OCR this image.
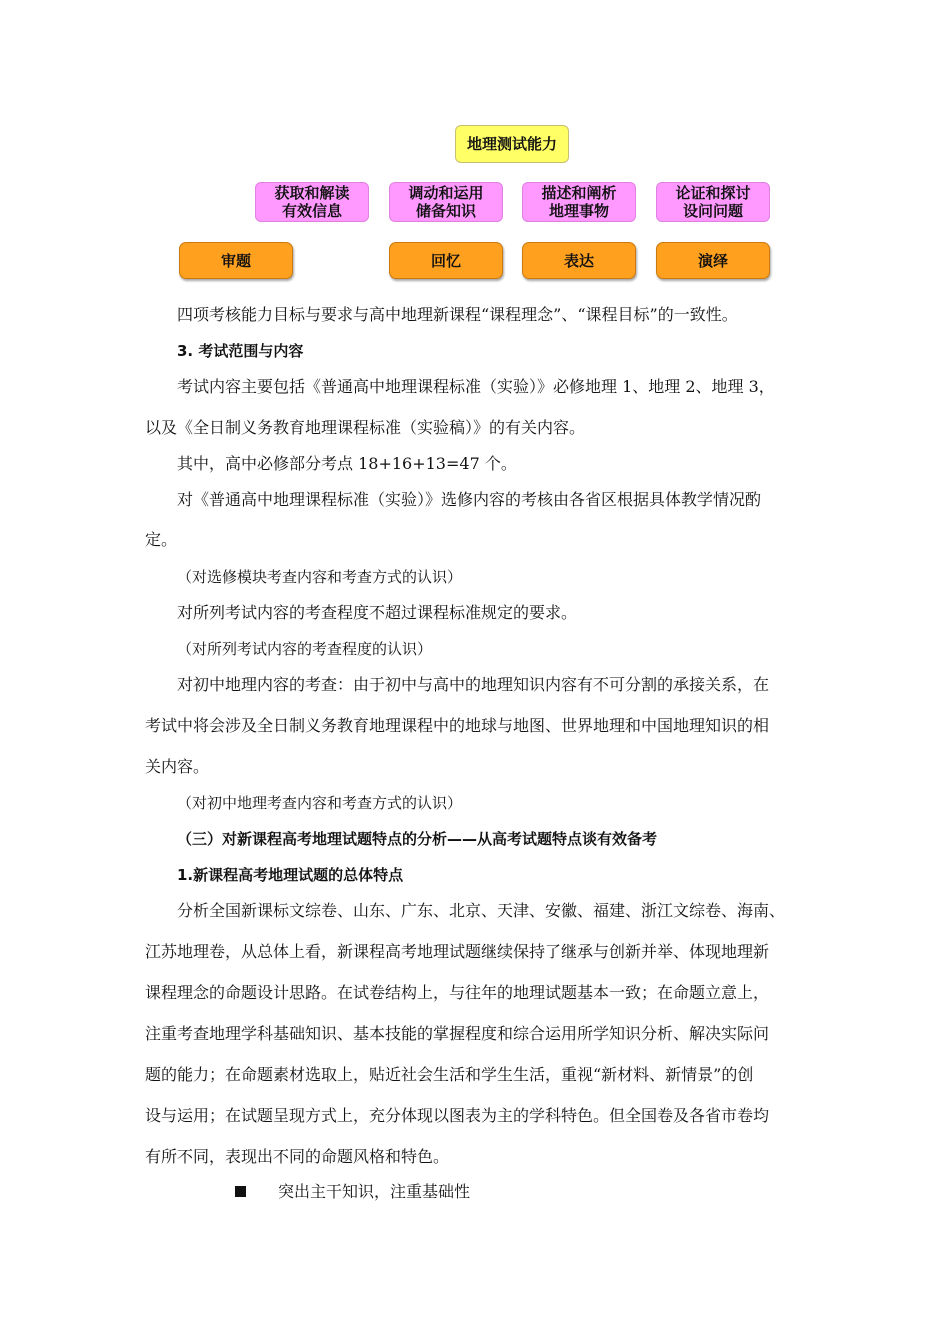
地理测试能力
获取和解读
有效信息
调动和运用
储备知识
描述和阐析
地理事物
论证和探讨
设问问题
审题	回忆	表达	演绎
四项考核能力目标与要求与高中地理新课程“课程理念”、“课程目标”的一致性。
3. 考试范围与内容
考试内容主要包括《普通高中地理课程标准（实验）》必修地理 1、地理 2、地理 3，
以及《全日制义务教育地理课程标准（实验稿）》的有关内容。
其中，高中必修部分考点 18+16+13=47 个。
对《普通高中地理课程标准（实验）》选修内容的考核由各省区根据具体教学情况酌
定。
（对选修模块考查内容和考查方式的认识）
对所列考试内容的考查程度不超过课程标准规定的要求。
（对所列考试内容的考查程度的认识）
对初中地理内容的考查：由于初中与高中的地理知识内容有不可分割的承接关系，在
考试中将会涉及全日制义务教育地理课程中的地球与地图、世界地理和中国地理知识的相
关内容。
（对初中地理考查内容和考查方式的认识）
（三）对新课程高考地理试题特点的分析——从高考试题特点谈有效备考
1.新课程高考地理试题的总体特点
分析全国新课标文综卷、山东、广东、北京、天津、安徽、福建、浙江文综卷、海南、
江苏地理卷，从总体上看，新课程高考地理试题继续保持了继承与创新并举、体现地理新
课程理念的命题设计思路。在试卷结构上，与往年的地理试题基本一致；在命题立意上，
注重考查地理学科基础知识、基本技能的掌握程度和综合运用所学知识分析、解决实际问
题的能力；在命题素材选取上，贴近社会生活和学生生活，重视“新材料、新情景”的创
设与运用；在试题呈现方式上，充分体现以图表为主的学科特色。但全国卷及各省市卷均
有所不同，表现出不同的命题风格和特色。
突出主干知识，注重基础性
